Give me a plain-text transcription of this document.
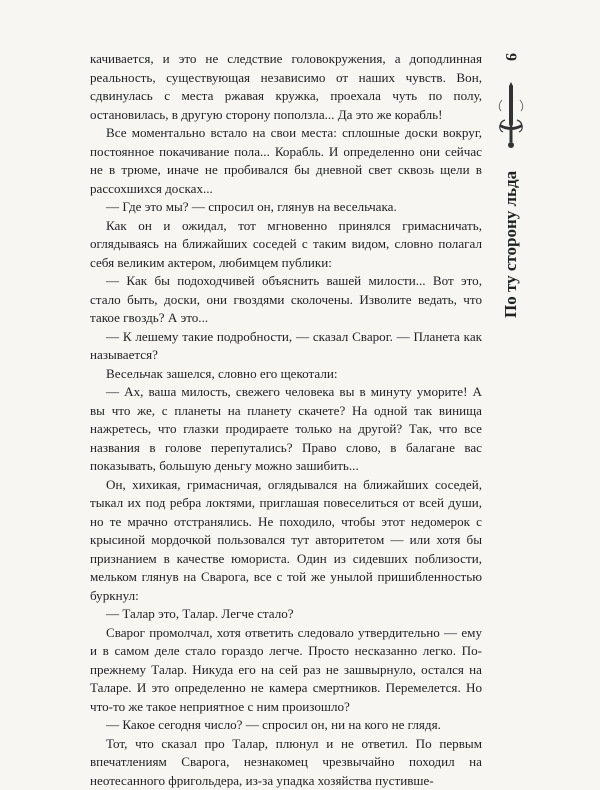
9
По ту сторону льда

качивается, и это не следствие головокружения, а доподлинная реальность, существующая независимо от наших чувств. Вон, сдвинулась с места ржавая кружка, проехала чуть по полу, остановилась, в другую сторону поползла... Да это же корабль!

Все моментально встало на свои места: сплошные доски вокруг, постоянное покачивание пола... Корабль. И определенно они сейчас не в трюме, иначе не пробивался бы дневной свет сквозь щели в рассохшихся досках...

— Где это мы? — спросил он, глянув на весельчака.

Как он и ожидал, тот мгновенно принялся гримасничать, оглядываясь на ближайших соседей с таким видом, словно полагал себя великим актером, любимцем публики:

— Как бы подоходчивей объяснить вашей милости... Вот это, стало быть, доски, они гвоздями сколочены. Изволите ведать, что такое гвоздь? А это...

— К лешему такие подробности, — сказал Сварог. — Планета как называется?

Весельчак зашелся, словно его щекотали:

— Ах, ваша милость, свежего человека вы в минуту уморите! А вы что же, с планеты на планету скачете? На одной так винища нажретесь, что глазки продираете только на другой? Так, что все названия в голове перепутались? Право слово, в балагане вас показывать, большую деньгу можно зашибить...

Он, хихикая, гримасничая, оглядывался на ближайших соседей, тыкал их под ребра локтями, приглашая повеселиться от всей души, но те мрачно отстранялись. Не походило, чтобы этот недомерок с крысиной мордочкой пользовался тут авторитетом — или хотя бы признанием в качестве юмориста. Один из сидевших поблизости, мельком глянув на Сварога, все с той же унылой пришибленностью буркнул:

— Талар это, Талар. Легче стало?

Сварог промолчал, хотя ответить следовало утвердительно — ему и в самом деле стало гораздо легче. Просто несказанно легко. По-прежнему Талар. Никуда его на сей раз не зашвырнуло, остался на Таларе. И это определенно не камера смертников. Перемелется. Но что-то же такое неприятное с ним произошло?

— Какое сегодня число? — спросил он, ни на кого не глядя.

Тот, что сказал про Талар, плюнул и не ответил. По первым впечатлениям Сварога, незнакомец чрезвычайно походил на неотесанного фригольдера, из-за упадка хозяйства пустивше-
